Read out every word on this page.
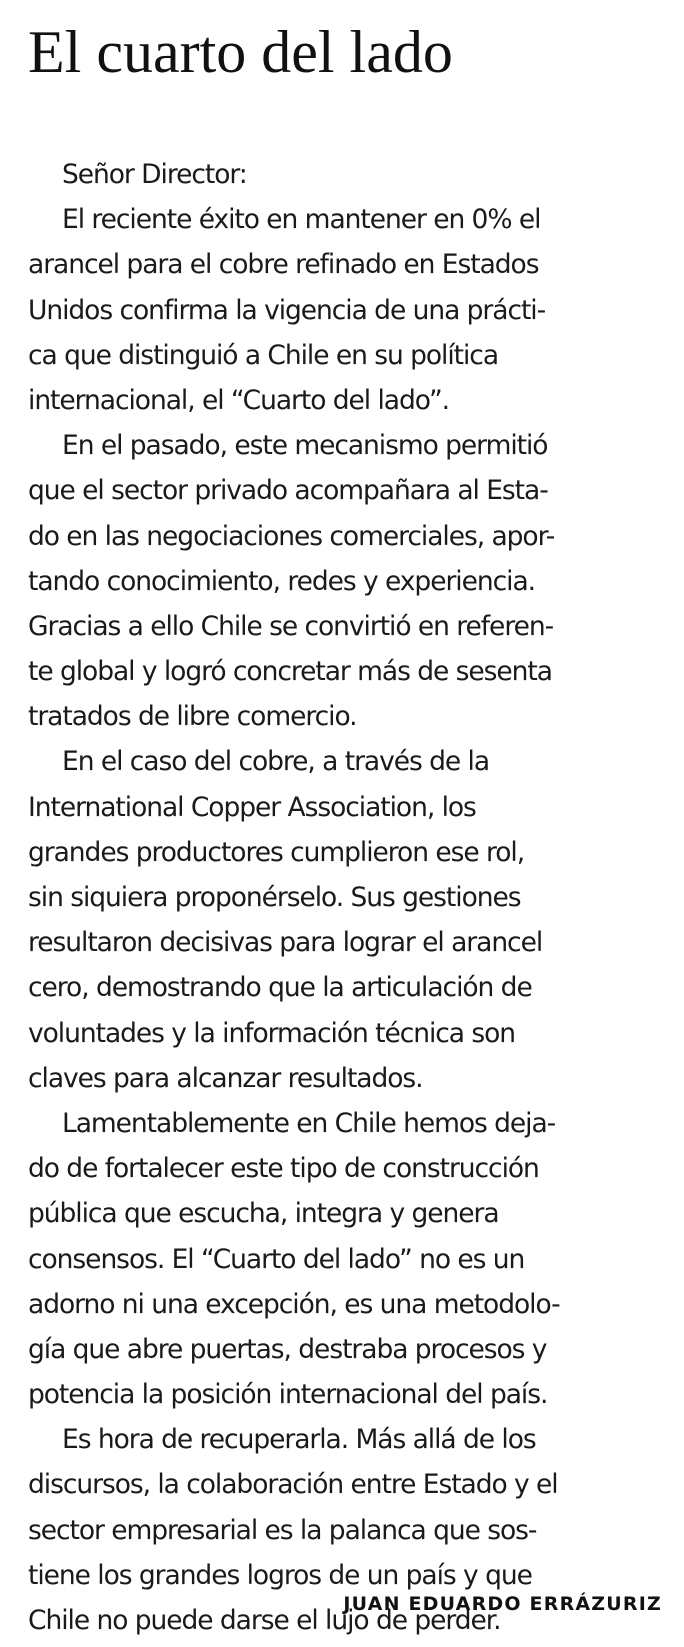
El cuarto del lado
Señor Director:
El reciente éxito en mantener en 0% el
arancel para el cobre refinado en Estados
Unidos confirma la vigencia de una prácti-
ca que distinguió a Chile en su política
internacional, el “Cuarto del lado”.
En el pasado, este mecanismo permitió
que el sector privado acompañara al Esta-
do en las negociaciones comerciales, apor-
tando conocimiento, redes y experiencia.
Gracias a ello Chile se convirtió en referen-
te global y logró concretar más de sesenta
tratados de libre comercio.
En el caso del cobre, a través de la
International Copper Association, los
grandes productores cumplieron ese rol,
sin siquiera proponérselo. Sus gestiones
resultaron decisivas para lograr el arancel
cero, demostrando que la articulación de
voluntades y la información técnica son
claves para alcanzar resultados.
Lamentablemente en Chile hemos deja-
do de fortalecer este tipo de construcción
pública que escucha, integra y genera
consensos. El “Cuarto del lado” no es un
adorno ni una excepción, es una metodolo-
gía que abre puertas, destraba procesos y
potencia la posición internacional del país.
Es hora de recuperarla. Más allá de los
discursos, la colaboración entre Estado y el
sector empresarial es la palanca que sos-
tiene los grandes logros de un país y que
Chile no puede darse el lujo de perder.
JUAN EDUARDO ERRÁZURIZ
